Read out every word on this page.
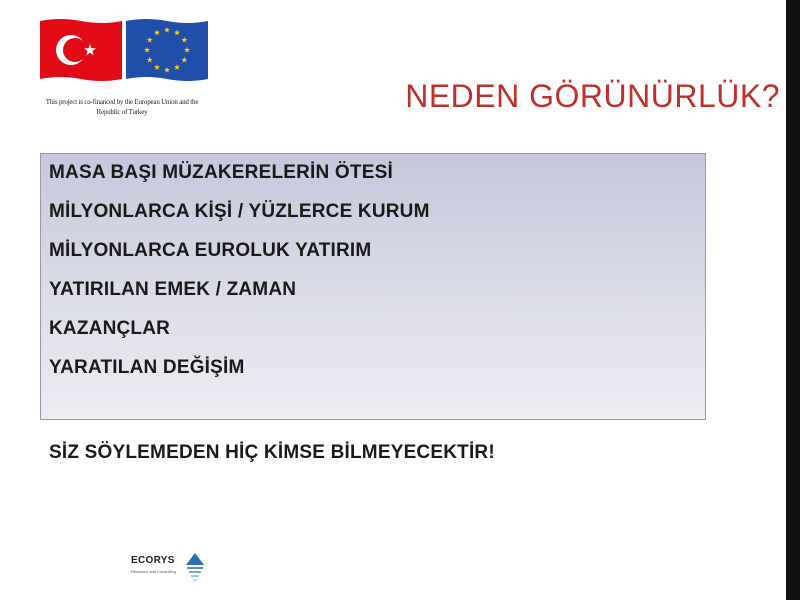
This project is co-financed by the European Union and the
Republic of Turkey	NEDEN GÖRÜNÜRLÜK?
MASA BAŞI MÜZAKERELERİN ÖTESİ
MİLYONLARCA KİŞİ / YÜZLERCE KURUM
MİLYONLARCA EUROLUK YATIRIM
YATIRILAN EMEK / ZAMAN
KAZANÇLAR
YARATILAN DEĞİŞİM
SİZ SÖYLEMEDEN HİÇ KİMSE BİLMEYECEKTİR!
ECORYS
Research and Consulting
